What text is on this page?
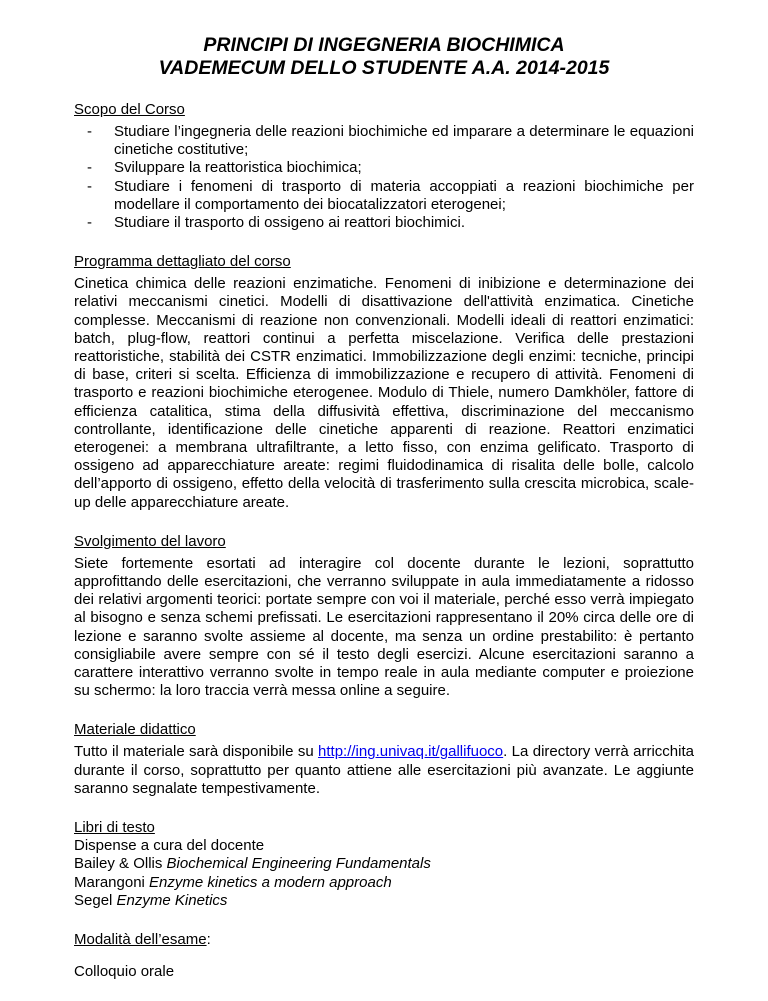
PRINCIPI DI INGEGNERIA BIOCHIMICA

VADEMECUM DELLO STUDENTE A.A. 2014-2015

Scopo del Corso

- Studiare l’ingegneria delle reazioni biochimiche ed imparare a determinare le equazioni cinetiche costitutive;
- Sviluppare la reattoristica biochimica;
- Studiare i fenomeni di trasporto di materia accoppiati a reazioni biochimiche per modellare il comportamento dei biocatalizzatori eterogenei;
- Studiare il trasporto di ossigeno ai reattori biochimici.

Programma dettagliato del corso

Cinetica chimica delle reazioni enzimatiche. Fenomeni di inibizione e determinazione dei relativi meccanismi cinetici. Modelli di disattivazione dell'attività enzimatica. Cinetiche complesse. Meccanismi di reazione non convenzionali. Modelli ideali di reattori enzimatici: batch, plug-flow, reattori continui a perfetta miscelazione. Verifica delle prestazioni reattoristiche, stabilità dei CSTR enzimatici. Immobilizzazione degli enzimi: tecniche, principi di base, criteri si scelta. Efficienza di immobilizzazione e recupero di attività. Fenomeni di trasporto e reazioni biochimiche eterogenee. Modulo di Thiele, numero Damkhöler, fattore di efficienza catalitica, stima della diffusività effettiva, discriminazione del meccanismo controllante, identificazione delle cinetiche apparenti di reazione. Reattori enzimatici eterogenei: a membrana ultrafiltrante, a letto fisso, con enzima gelificato. Trasporto di ossigeno ad apparecchiature areate: regimi fluidodinamica di risalita delle bolle, calcolo dell’apporto di ossigeno, effetto della velocità di trasferimento sulla crescita microbica, scale-up delle apparecchiature areate.

Svolgimento del lavoro

Siete fortemente esortati ad interagire col docente durante le lezioni, soprattutto approfittando delle esercitazioni, che verranno sviluppate in aula immediatamente a ridosso dei relativi argomenti teorici: portate sempre con voi il materiale, perché esso verrà impiegato al bisogno e senza schemi prefissati. Le esercitazioni rappresentano il 20% circa delle ore di lezione e saranno svolte assieme al docente, ma senza un ordine prestabilito: è pertanto consigliabile avere sempre con sé il testo degli esercizi. Alcune esercitazioni saranno a carattere interattivo verranno svolte in tempo reale in aula mediante computer e proiezione su schermo: la loro traccia verrà messa online a seguire.

Materiale didattico

Tutto il materiale sarà disponibile su http://ing.univaq.it/gallifuoco. La directory verrà arricchita durante il corso, soprattutto per quanto attiene alle esercitazioni più avanzate. Le aggiunte saranno segnalate tempestivamente.

Libri di testo

Dispense a cura del docente

Bailey & Ollis Biochemical Engineering Fundamentals

Marangoni Enzyme kinetics a modern approach

Segel Enzyme Kinetics

Modalità dell’esame:

Colloquio orale
